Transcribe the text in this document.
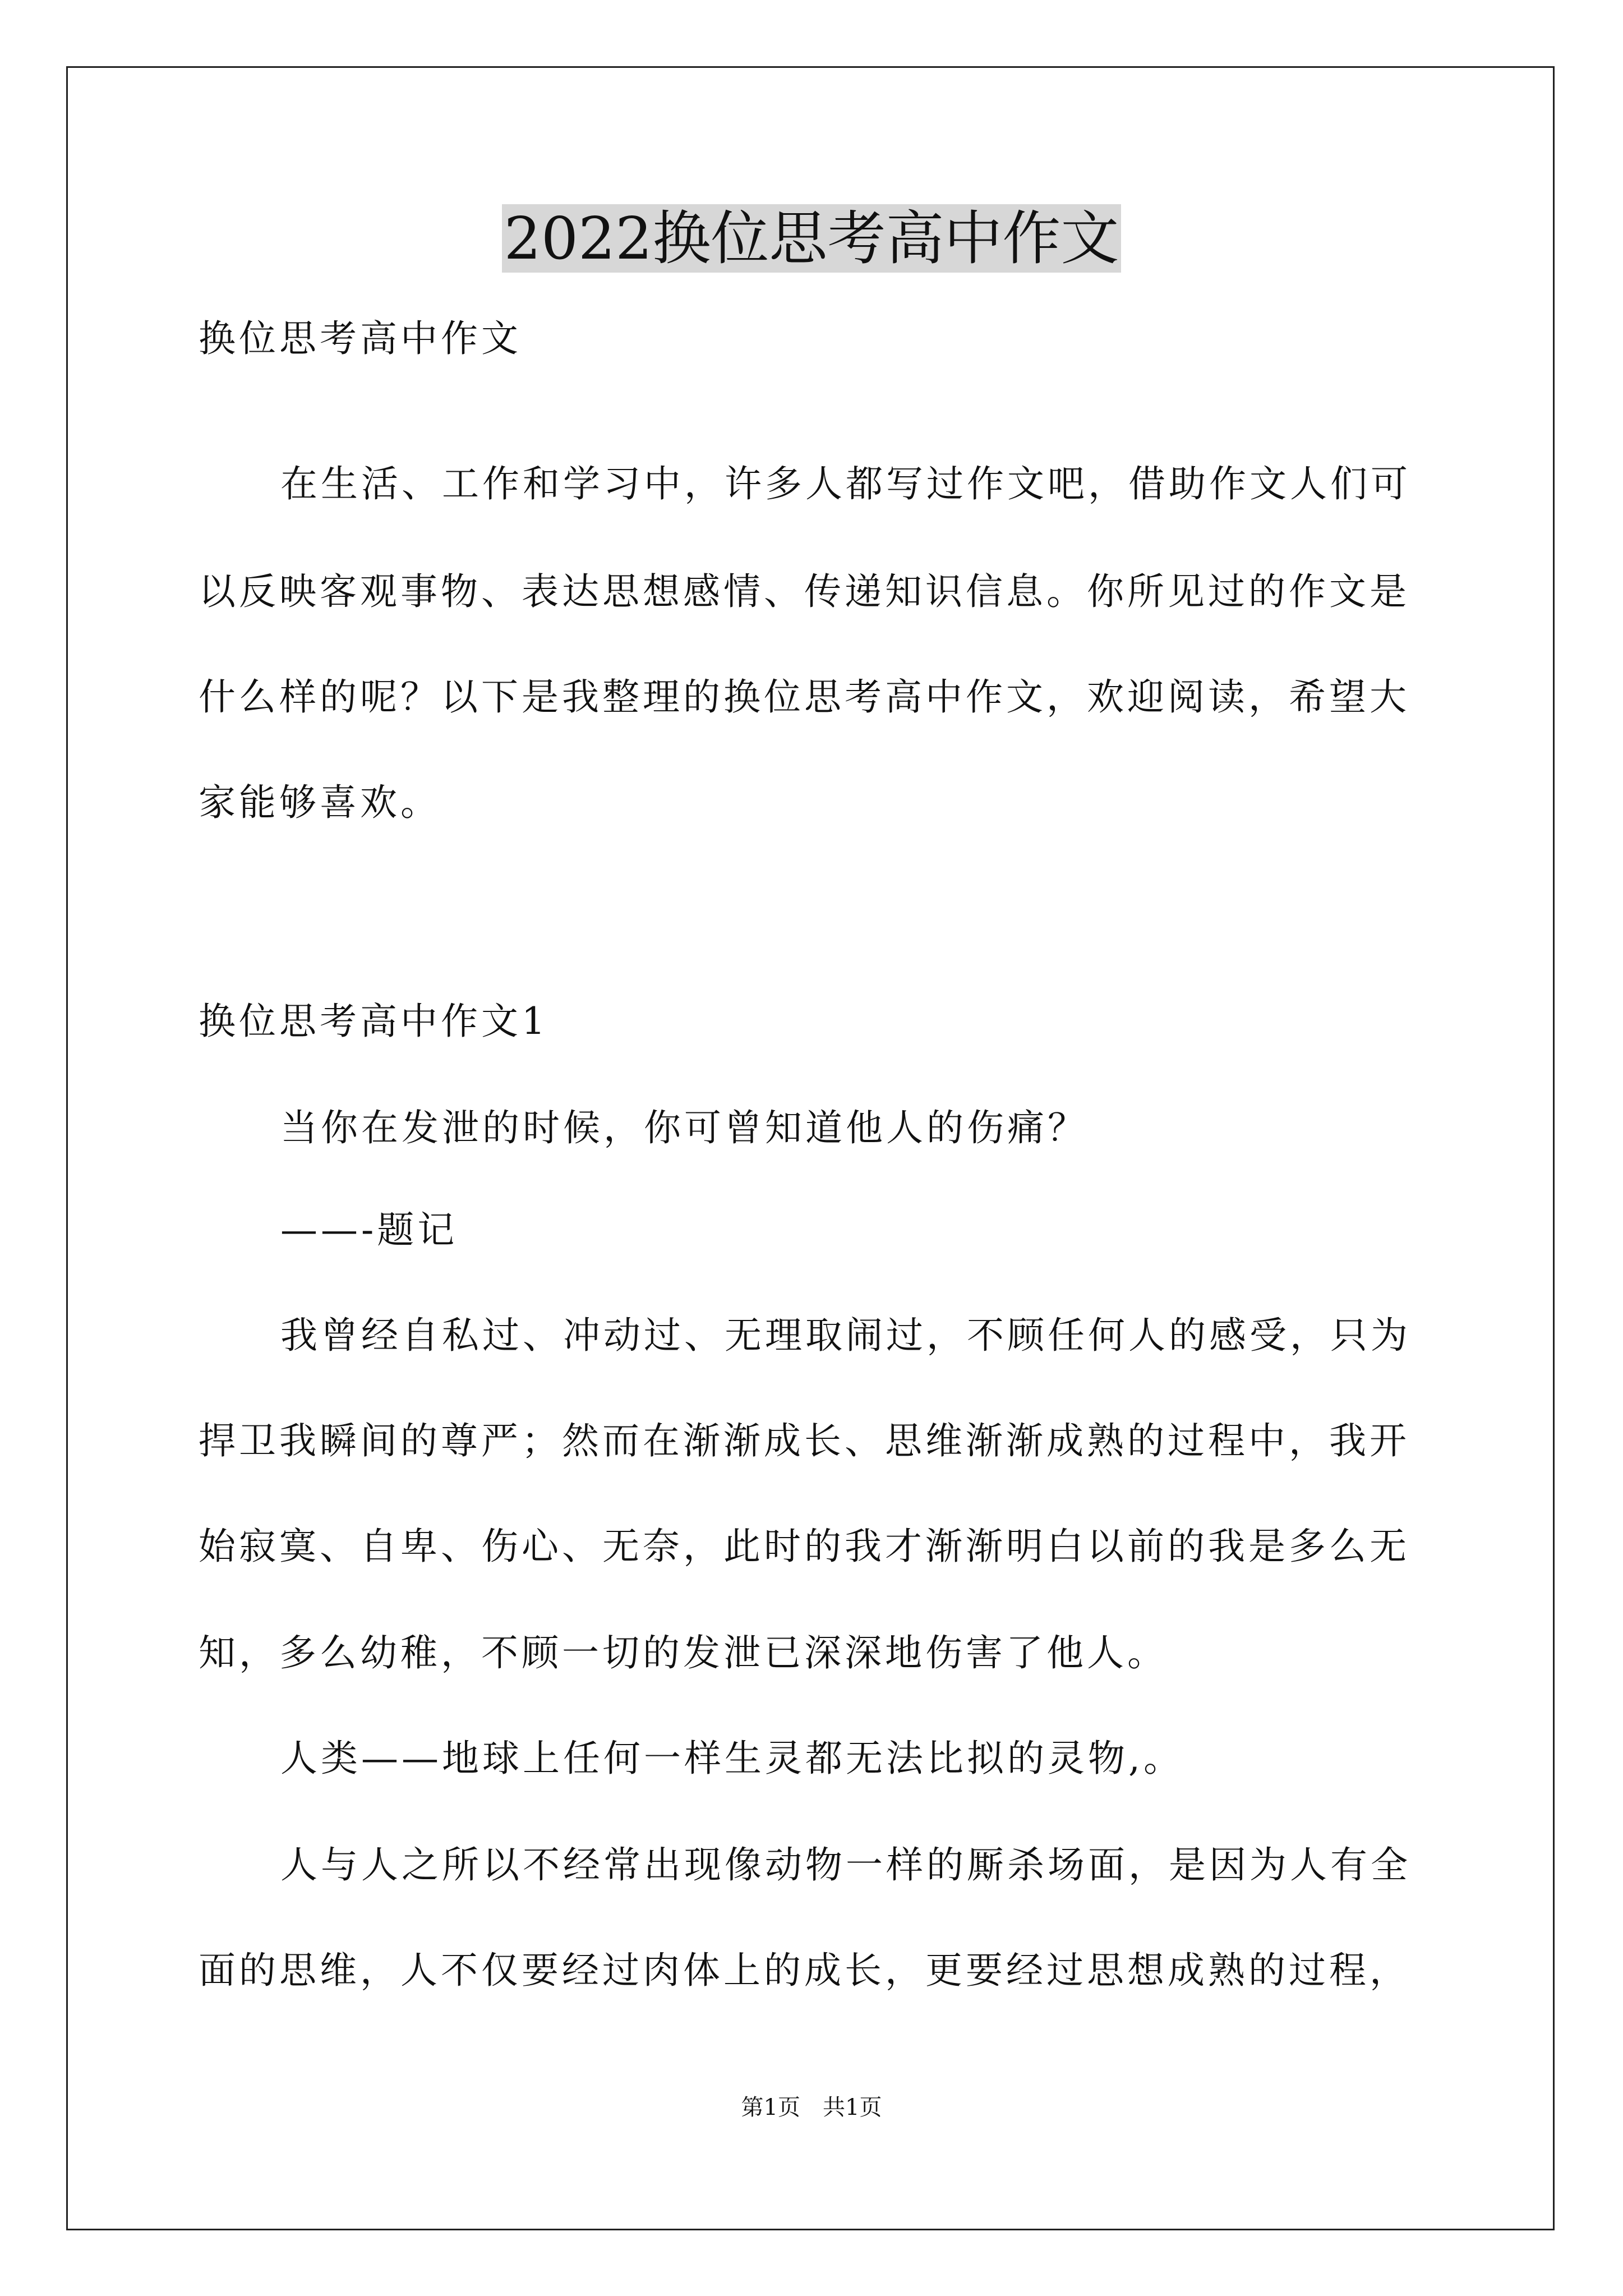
2022换位思考高中作文
换位思考高中作文
在生活、工作和学习中，许多人都写过作文吧，借助作文人们可
以反映客观事物、表达思想感情、传递知识信息。你所见过的作文是
什么样的呢？以下是我整理的换位思考高中作文，欢迎阅读，希望大
家能够喜欢。
换位思考高中作文1
当你在发泄的时候，你可曾知道他人的伤痛？
——-题记
我曾经自私过、冲动过、无理取闹过，不顾任何人的感受，只为
捍卫我瞬间的尊严；然而在渐渐成长、思维渐渐成熟的过程中，我开
始寂寞、自卑、伤心、无奈，此时的我才渐渐明白以前的我是多么无
知，多么幼稚，不顾一切的发泄已深深地伤害了他人。
人类——地球上任何一样生灵都无法比拟的灵物,。
人与人之所以不经常出现像动物一样的厮杀场面，是因为人有全
面的思维，人不仅要经过肉体上的成长，更要经过思想成熟的过程，
第1页　共1页
